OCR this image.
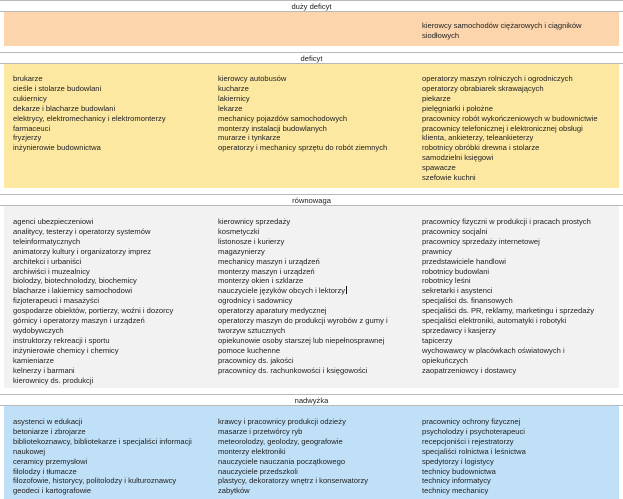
duży deficyt
kierowcy samochodów ciężarowych i ciągników
siodłowych
deficyt
brukarze
cieśle i stolarze budowlani
cukiernicy
dekarze i blacharze budowlani
elektrycy, elektromechanicy i elektromonterzy
farmaceuci
fryzjerzy
inżynierowie budownictwa
kierowcy autobusów
kucharze
lakiernicy
lekarze
mechanicy pojazdów samochodowych
monterzy instalacji budowlanych
murarze i tynkarze
operatorzy i mechanicy sprzętu do robót ziemnych
operatorzy maszyn rolniczych i ogrodniczych
operatorzy obrabiarek skrawających
piekarze
pielęgniarki i położne
pracownicy robót wykończeniowych w budownictwie
pracownicy telefonicznej i elektronicznej obsługi
klienta, ankieterzy, teleankieterzy
robotnicy obróbki drewna i stolarze
samodzielni księgowi
spawacze
szefowie kuchni
równowaga
agenci ubezpieczeniowi
analitycy, testerzy i operatorzy systemów
teleinformatycznych
animatorzy kultury i organizatorzy imprez
architekci i urbaniści
archiwiści i muzealnicy
biolodzy, biotechnolodzy, biochemicy
blacharze i lakiernicy samochodowi
fizjoterapeuci i masażyści
gospodarze obiektów, portierzy, woźni i dozorcy
górnicy i operatorzy maszyn i urządzeń
wydobywczych
instruktorzy rekreacji i sportu
inżynierowie chemicy i chemicy
kamieniarze
kelnerzy i barmani
kierownicy ds. produkcji
kierownicy sprzedaży
kosmetyczki
listonosze i kurierzy
magazynierzy
mechanicy maszyn i urządzeń
monterzy maszyn i urządzeń
monterzy okien i szklarze
nauczyciele języków obcych i lektorzy
ogrodnicy i sadownicy
operatorzy aparatury medycznej
operatorzy maszyn do produkcji wyrobów z gumy i
tworzyw sztucznych
opiekunowie osoby starszej lub niepełnosprawnej
pomoce kuchenne
pracownicy ds. jakości
pracownicy ds. rachunkowości i księgowości
pracownicy fizyczni w produkcji i pracach prostych
pracownicy socjalni
pracownicy sprzedaży internetowej
prawnicy
przedstawiciele handlowi
robotnicy budowlani
robotnicy leśni
sekretarki i asystenci
specjaliści ds. finansowych
specjaliści ds. PR, reklamy, marketingu i sprzedaży
specjaliści elektroniki, automatyki i robotyki
sprzedawcy i kasjerzy
tapicerzy
wychowawcy w placówkach oświatowych i
opiekuńczych
zaopatrzeniowcy i dostawcy
nadwyżka
asystenci w edukacji
betoniarze i zbrojarze
bibliotekoznawcy, bibliotekarze i specjaliści informacji
naukowej
ceramicy przemysłowi
filolodzy i tłumacze
filozofowie, historycy, politolodzy i kulturoznawcy
geodeci i kartografowie
krawcy i pracownicy produkcji odzieży
masarze i przetwórcy ryb
meteorolodzy, geolodzy, geografowie
monterzy elektroniki
nauczyciele nauczania początkowego
nauczyciele przedszkoli
plastycy, dekoratorzy wnętrz i konserwatorzy
zabytków
pracownicy ochrony fizycznej
psycholodzy i psychoterapeuci
recepcjoniści i rejestratorzy
specjaliści rolnictwa i leśnictwa
spedytorzy i logistycy
technicy budownictwa
technicy informatycy
technicy mechanicy
